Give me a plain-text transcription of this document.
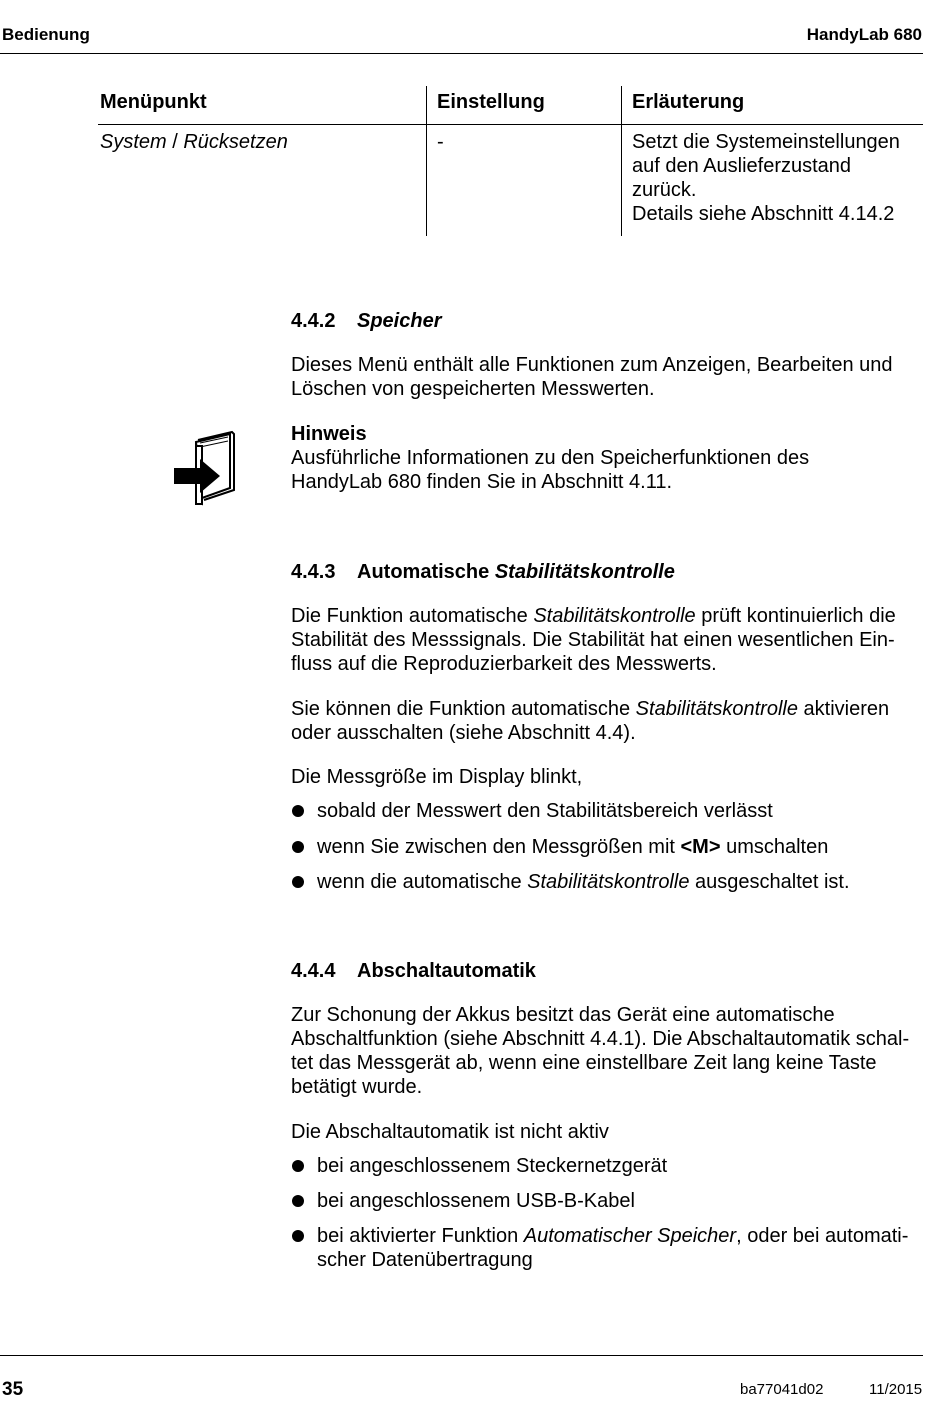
Bedienung	HandyLab 680
Menüpunkt	Einstellung	Erläuterung
System / Rücksetzen	-	Setzt die Systemeinstellungen
auf den Auslieferzustand
zurück.
Details siehe Abschnitt 4.14.2
4.4.2 Speicher
Dieses Menü enthält alle Funktionen zum Anzeigen, Bearbeiten und
Löschen von gespeicherten Messwerten.
Hinweis
Ausführliche Informationen zu den Speicherfunktionen des
HandyLab 680 finden Sie in Abschnitt 4.11.
4.4.3 Automatische Stabilitätskontrolle
Die Funktion automatische Stabilitätskontrolle prüft kontinuierlich die
Stabilität des Messsignals. Die Stabilität hat einen wesentlichen Ein-
fluss auf die Reproduzierbarkeit des Messwerts.
Sie können die Funktion automatische Stabilitätskontrolle aktivieren
oder ausschalten (siehe Abschnitt 4.4).
Die Messgröße im Display blinkt,
sobald der Messwert den Stabilitätsbereich verlässt
wenn Sie zwischen den Messgrößen mit <M> umschalten
wenn die automatische Stabilitätskontrolle ausgeschaltet ist.
4.4.4 Abschaltautomatik
Zur Schonung der Akkus besitzt das Gerät eine automatische
Abschaltfunktion (siehe Abschnitt 4.4.1). Die Abschaltautomatik schal-
tet das Messgerät ab, wenn eine einstellbare Zeit lang keine Taste
betätigt wurde.
Die Abschaltautomatik ist nicht aktiv
bei angeschlossenem Steckernetzgerät
bei angeschlossenem USB-B-Kabel
bei aktivierter Funktion Automatischer Speicher, oder bei automati-
scher Datenübertragung
35	ba77041d02	11/2015
